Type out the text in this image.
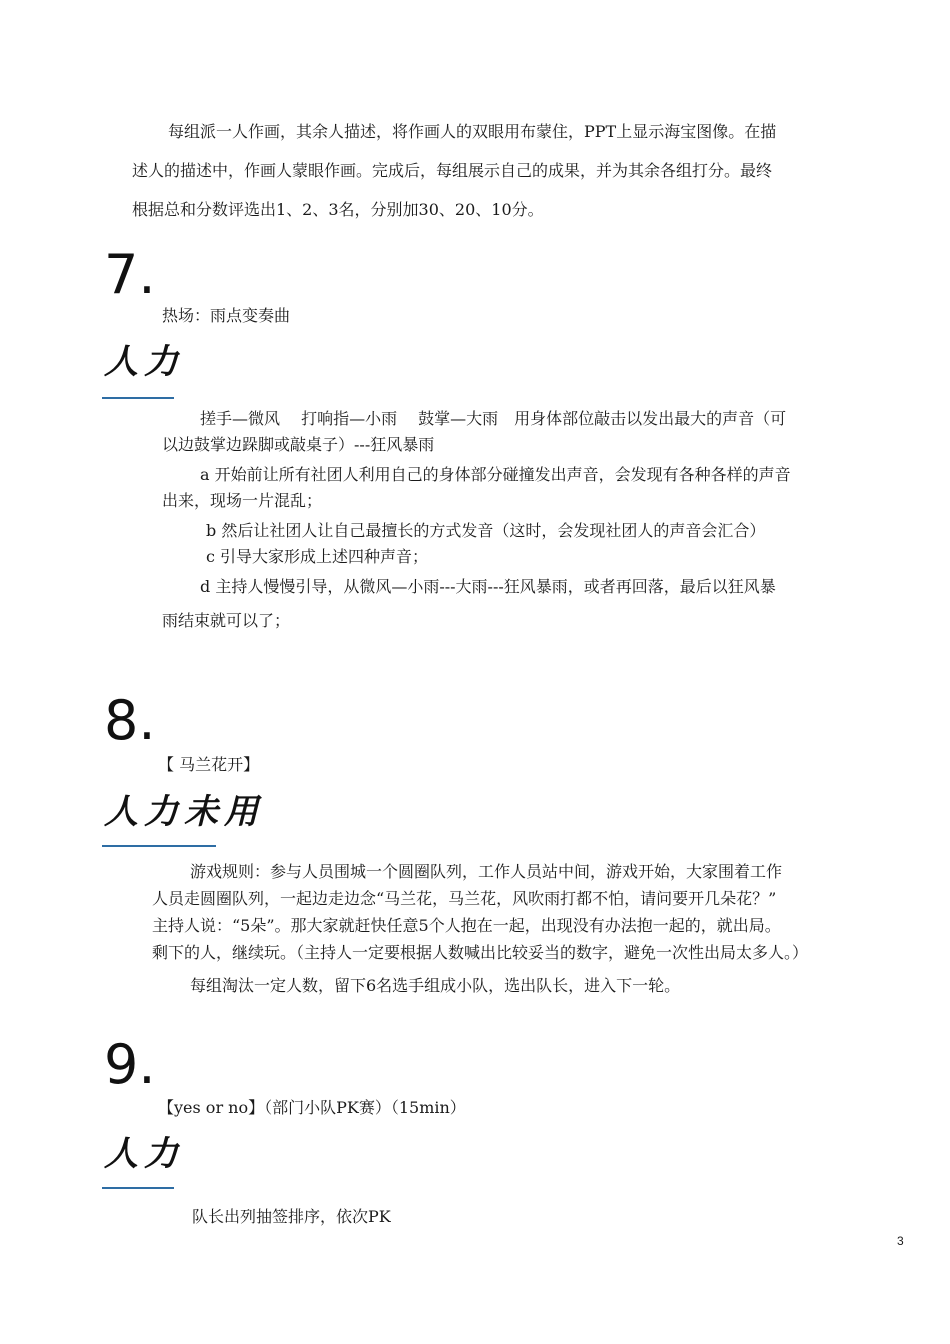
每组派一人作画，其余人描述，将作画人的双眼用布蒙住，PPT上显示海宝图像。在描
述人的描述中，作画人蒙眼作画。完成后，每组展示自己的成果，并为其余各组打分。最终
根据总和分数评选出1、2、3名，分别加30、20、10分。
7.
热场：雨点变奏曲
人力
搓手—微风　 打响指—小雨　 鼓掌—大雨　用身体部位敲击以发出最大的声音（可
以边鼓掌边跺脚或敲桌子）---狂风暴雨
a 开始前让所有社团人利用自己的身体部分碰撞发出声音，会发现有各种各样的声音
出来，现场一片混乱；
b 然后让社团人让自己最擅长的方式发音（这时，会发现社团人的声音会汇合）
c 引导大家形成上述四种声音；
d 主持人慢慢引导，从微风—小雨---大雨---狂风暴雨，或者再回落，最后以狂风暴
雨结束就可以了；
8.
【 马兰花开】
人力未用
游戏规则：参与人员围城一个圆圈队列，工作人员站中间，游戏开始，大家围着工作
人员走圆圈队列，一起边走边念“马兰花，马兰花，风吹雨打都不怕，请问要开几朵花？”
主持人说：“5朵”。那大家就赶快任意5个人抱在一起，出现没有办法抱一起的，就出局。
剩下的人，继续玩。（主持人一定要根据人数喊出比较妥当的数字，避免一次性出局太多人。）
每组淘汰一定人数，留下6名选手组成小队，选出队长，进入下一轮。
9.
【yes or no】（部门小队PK赛）（15min）
人力
队长出列抽签排序，依次PK
3
